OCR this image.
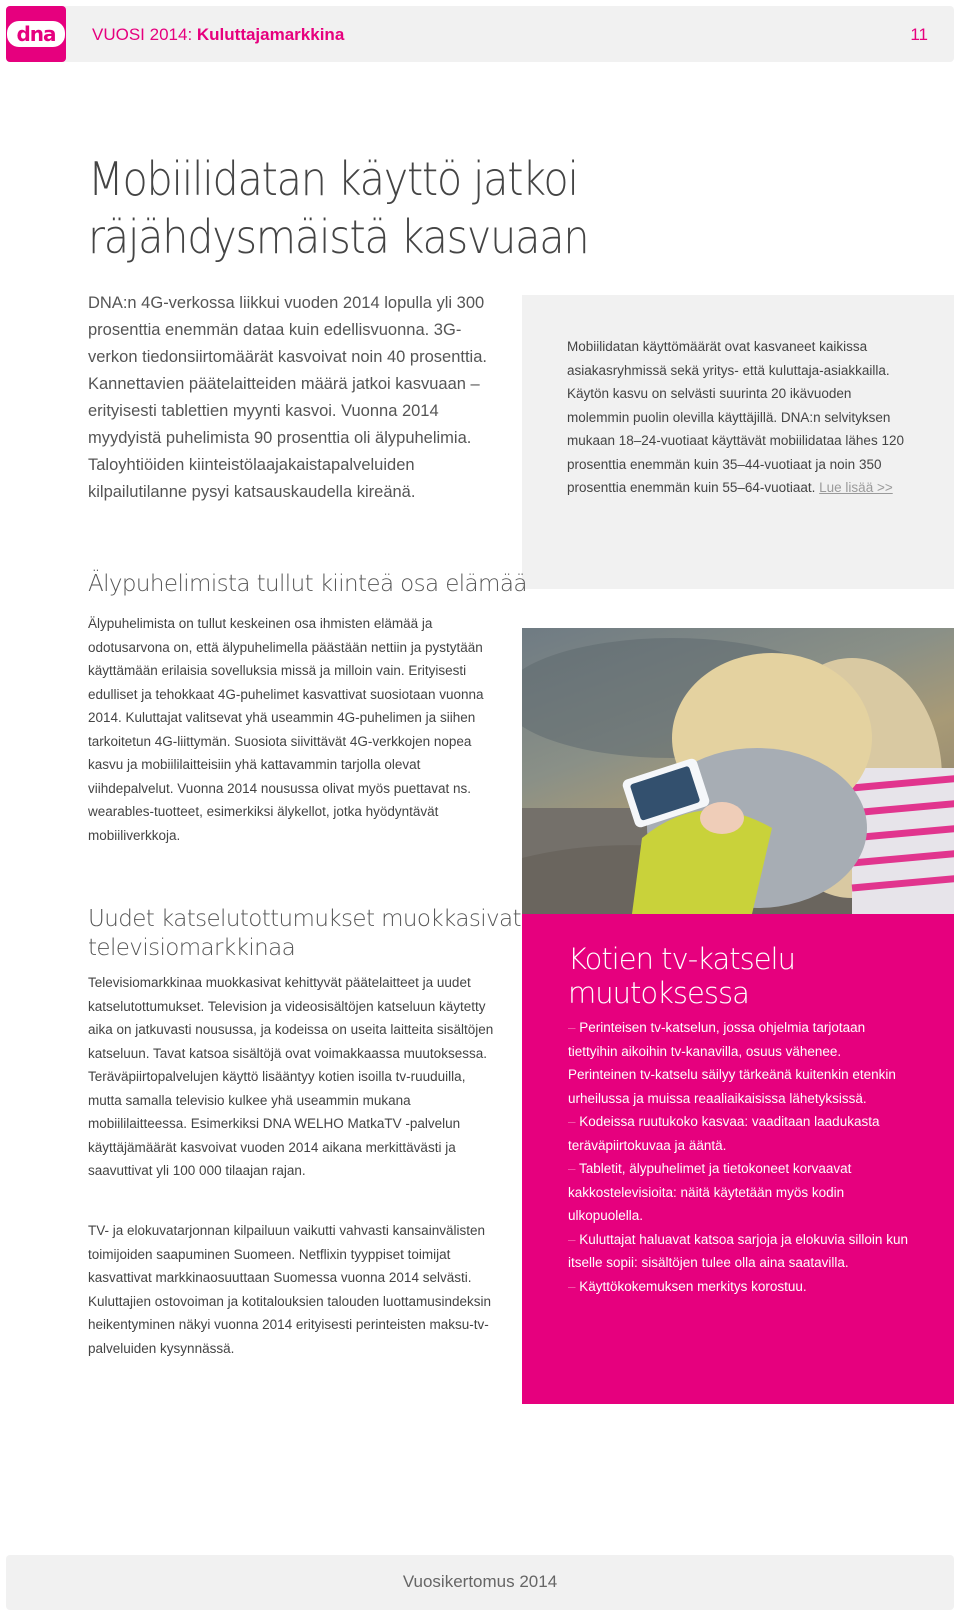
dna	VUOSI 2014: Kuluttajamarkkina	11
Mobiilidatan käyttö jatkoi
räjähdysmäistä kasvuaan

DNA:n 4G-verkossa liikkui vuoden 2014 lopulla yli 300 prosenttia enemmän dataa kuin edellisvuonna. 3G-verkon tiedonsiirtomäärät kasvoivat noin 40 prosenttia. Kannettavien päätelaitteiden määrä jatkoi kasvuaan – erityisesti tablettien myynti kasvoi. Vuonna 2014 myydyistä puhelimista 90 prosenttia oli älypuhelimia. Taloyhtiöiden kiinteistölaajakaistapalveluiden kilpailutilanne pysyi katsauskaudella kireänä.

Mobiilidatan käyttömäärät ovat kasvaneet kaikissa asiakasryhmissä sekä yritys- että kuluttaja-asiakkailla. Käytön kasvu on selvästi suurinta 20 ikävuoden molemmin puolin olevilla käyttäjillä. DNA:n selvityksen mukaan 18–24-vuotiaat käyttävät mobiilidataa lähes 120 prosenttia enemmän kuin 35–44-vuotiaat ja noin 350 prosenttia enemmän kuin 55–64-vuotiaat. Lue lisää >>

Älypuhelimista tullut kiinteä osa elämää

Älypuhelimista on tullut keskeinen osa ihmisten elämää ja odotusarvona on, että älypuhelimella päästään nettiin ja pystytään käyttämään erilaisia sovelluksia missä ja milloin vain. Erityisesti edulliset ja tehokkaat 4G-puhelimet kasvattivat suosiotaan vuonna 2014. Kuluttajat valitsevat yhä useammin 4G-puhelimen ja siihen tarkoitetun 4G-liittymän. Suosiota siivittävät 4G-verkkojen nopea kasvu ja mobiililaitteisiin yhä kattavammin tarjolla olevat viihdepalvelut. Vuonna 2014 nousussa olivat myös puettavat ns. wearables-tuotteet, esimerkiksi älykellot, jotka hyödyntävät mobiiliverkkoja.

Uudet katselutottumukset muokkasivat
televisiomarkkinaa

Televisiomarkkinaa muokkasivat kehittyvät päätelaitteet ja uudet katselutottumukset. Television ja videosisältöjen katseluun käytetty aika on jatkuvasti nousussa, ja kodeissa on useita laitteita sisältöjen katseluun. Tavat katsoa sisältöjä ovat voimakkaassa muutoksessa. Teräväpiirtopalvelujen käyttö lisääntyy kotien isoilla tv-ruuduilla, mutta samalla televisio kulkee yhä useammin mukana mobiililaitteessa. Esimerkiksi DNA WELHO MatkaTV -palvelun käyttäjämäärät kasvoivat vuoden 2014 aikana merkittävästi ja saavuttivat yli 100 000 tilaajan rajan.

TV- ja elokuvatarjonnan kilpailuun vaikutti vahvasti kansainvälisten toimijoiden saapuminen Suomeen. Netflixin tyyppiset toimijat kasvattivat markkinaosuuttaan Suomessa vuonna 2014 selvästi. Kuluttajien ostovoiman ja kotitalouksien talouden luottamusindeksin heikentyminen näkyi vuonna 2014 erityisesti perinteisten maksu-tv-palveluiden kysynnässä.

Kotien tv-katselu
muutoksessa
– Perinteisen tv-katselun, jossa ohjelmia tarjotaan tiettyihin aikoihin tv-kanavilla, osuus vähenee. Perinteinen tv-katselu säilyy tärkeänä kuitenkin etenkin urheilussa ja muissa reaaliaikaisissa lähetyksissä.
– Kodeissa ruutukoko kasvaa: vaaditaan laadukasta teräväpiirtokuvaa ja ääntä.
– Tabletit, älypuhelimet ja tietokoneet korvaavat kakkostelevisioita: näitä käytetään myös kodin ulkopuolella.
– Kuluttajat haluavat katsoa sarjoja ja elokuvia silloin kun itselle sopii: sisältöjen tulee olla aina saatavilla.
– Käyttökokemuksen merkitys korostuu.
Vuosikertomus 2014
